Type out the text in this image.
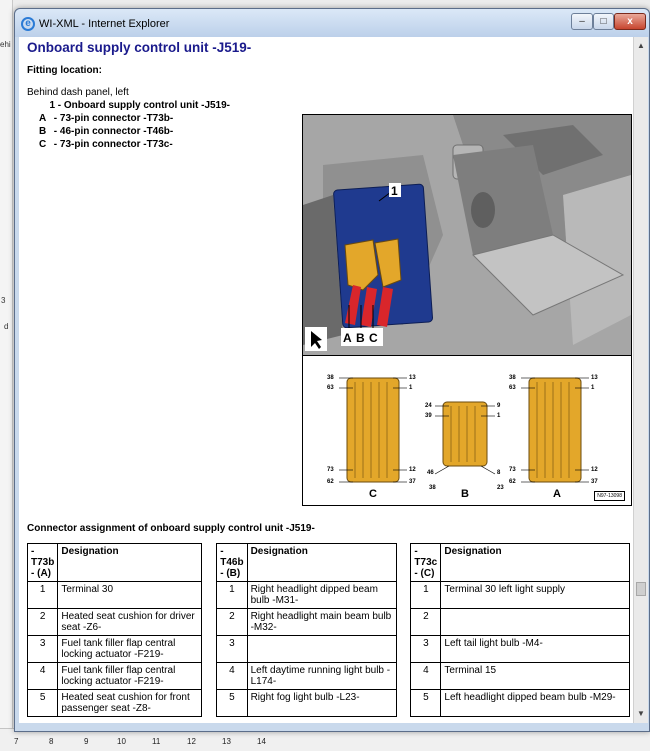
ehi
3
d
7	8	9	10	11	12	13	14
e WI-XML - Internet Explorer	–	□	x
Onboard supply control unit -J519-
Fitting location:
Behind dash panel, left
1 - Onboard supply control unit -J519-
A - 73-pin connector -T73b-
B - 46-pin connector -T46b-
C - 73-pin connector -T73c-
1
A B C
38
63
13
1
73
62
12
37
C
24
39
9
1
46
38
8
23
B
38
63
13
1
73
62
12
37
A	N97-13098
Connector assignment of onboard supply control unit -J519-
- T73b - (A)	Designation		- T46b - (B)	Designation		- T73c - (C)	Designation
1	Terminal 30		1	Right headlight dipped beam bulb -M31-		1	Terminal 30 left light supply
2	Heated seat cushion for driver seat -Z6-		2	Right headlight main beam bulb -M32-		2	
3	Fuel tank filler flap central locking actuator -F219-		3			3	Left tail light bulb -M4-
4	Fuel tank filler flap central locking actuator -F219-		4	Left daytime running light bulb -L174-		4	Terminal 15
5	Heated seat cushion for front passenger seat -Z8-		5	Right fog light bulb -L23-		5	Left headlight dipped beam bulb -M29-
▲
▼
